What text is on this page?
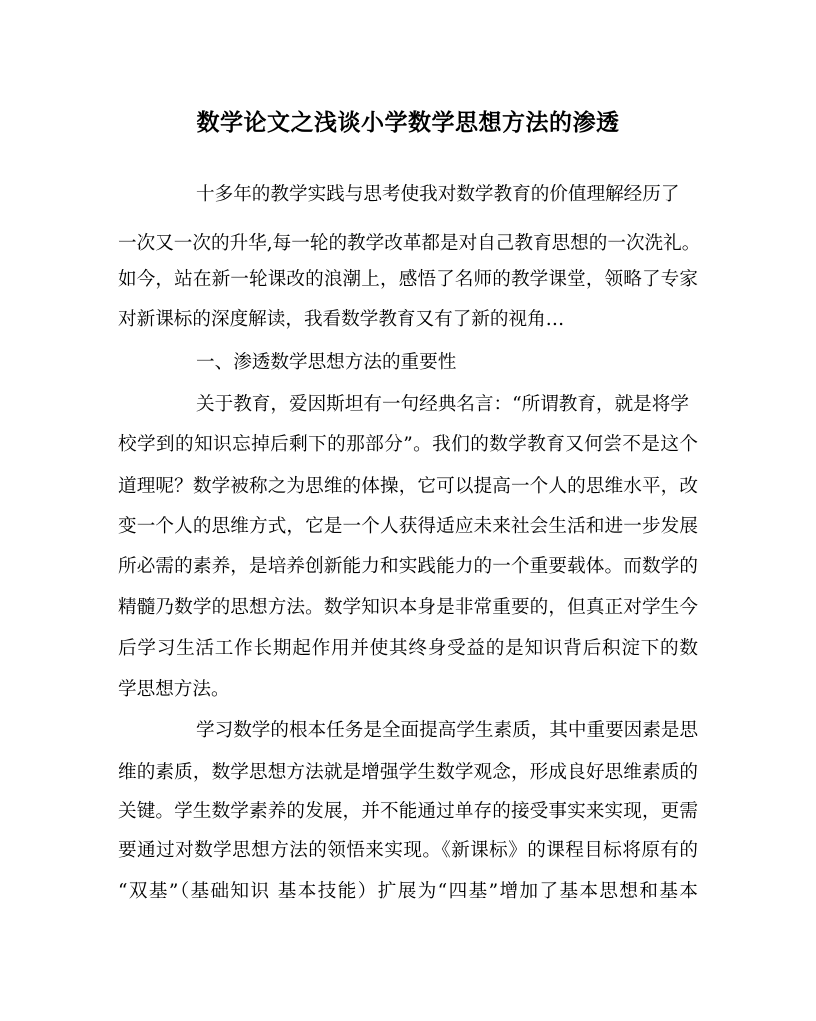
数学论文之浅谈小学数学思想方法的渗透
十多年的教学实践与思考使我对数学教育的价值理解经历了
一次又一次的升华,每一轮的教学改革都是对自己教育思想的一次洗礼。
如今，站在新一轮课改的浪潮上，感悟了名师的教学课堂，领略了专家
对新课标的深度解读，我看数学教育又有了新的视角…
一、渗透数学思想方法的重要性
关于教育，爱因斯坦有一句经典名言：“所谓教育，就是将学
校学到的知识忘掉后剩下的那部分”。我们的数学教育又何尝不是这个
道理呢？数学被称之为思维的体操，它可以提高一个人的思维水平，改
变一个人的思维方式，它是一个人获得适应未来社会生活和进一步发展
所必需的素养，是培养创新能力和实践能力的一个重要载体。而数学的
精髓乃数学的思想方法。数学知识本身是非常重要的，但真正对学生今
后学习生活工作长期起作用并使其终身受益的是知识背后积淀下的数
学思想方法。
学习数学的根本任务是全面提高学生素质，其中重要因素是思
维的素质，数学思想方法就是增强学生数学观念，形成良好思维素质的
关键。学生数学素养的发展，并不能通过单存的接受事实来实现，更需
要通过对数学思想方法的领悟来实现。《新课标》的课程目标将原有的
“双基”（基础知识 基本技能）扩展为“四基”增加了基本思想和基本
